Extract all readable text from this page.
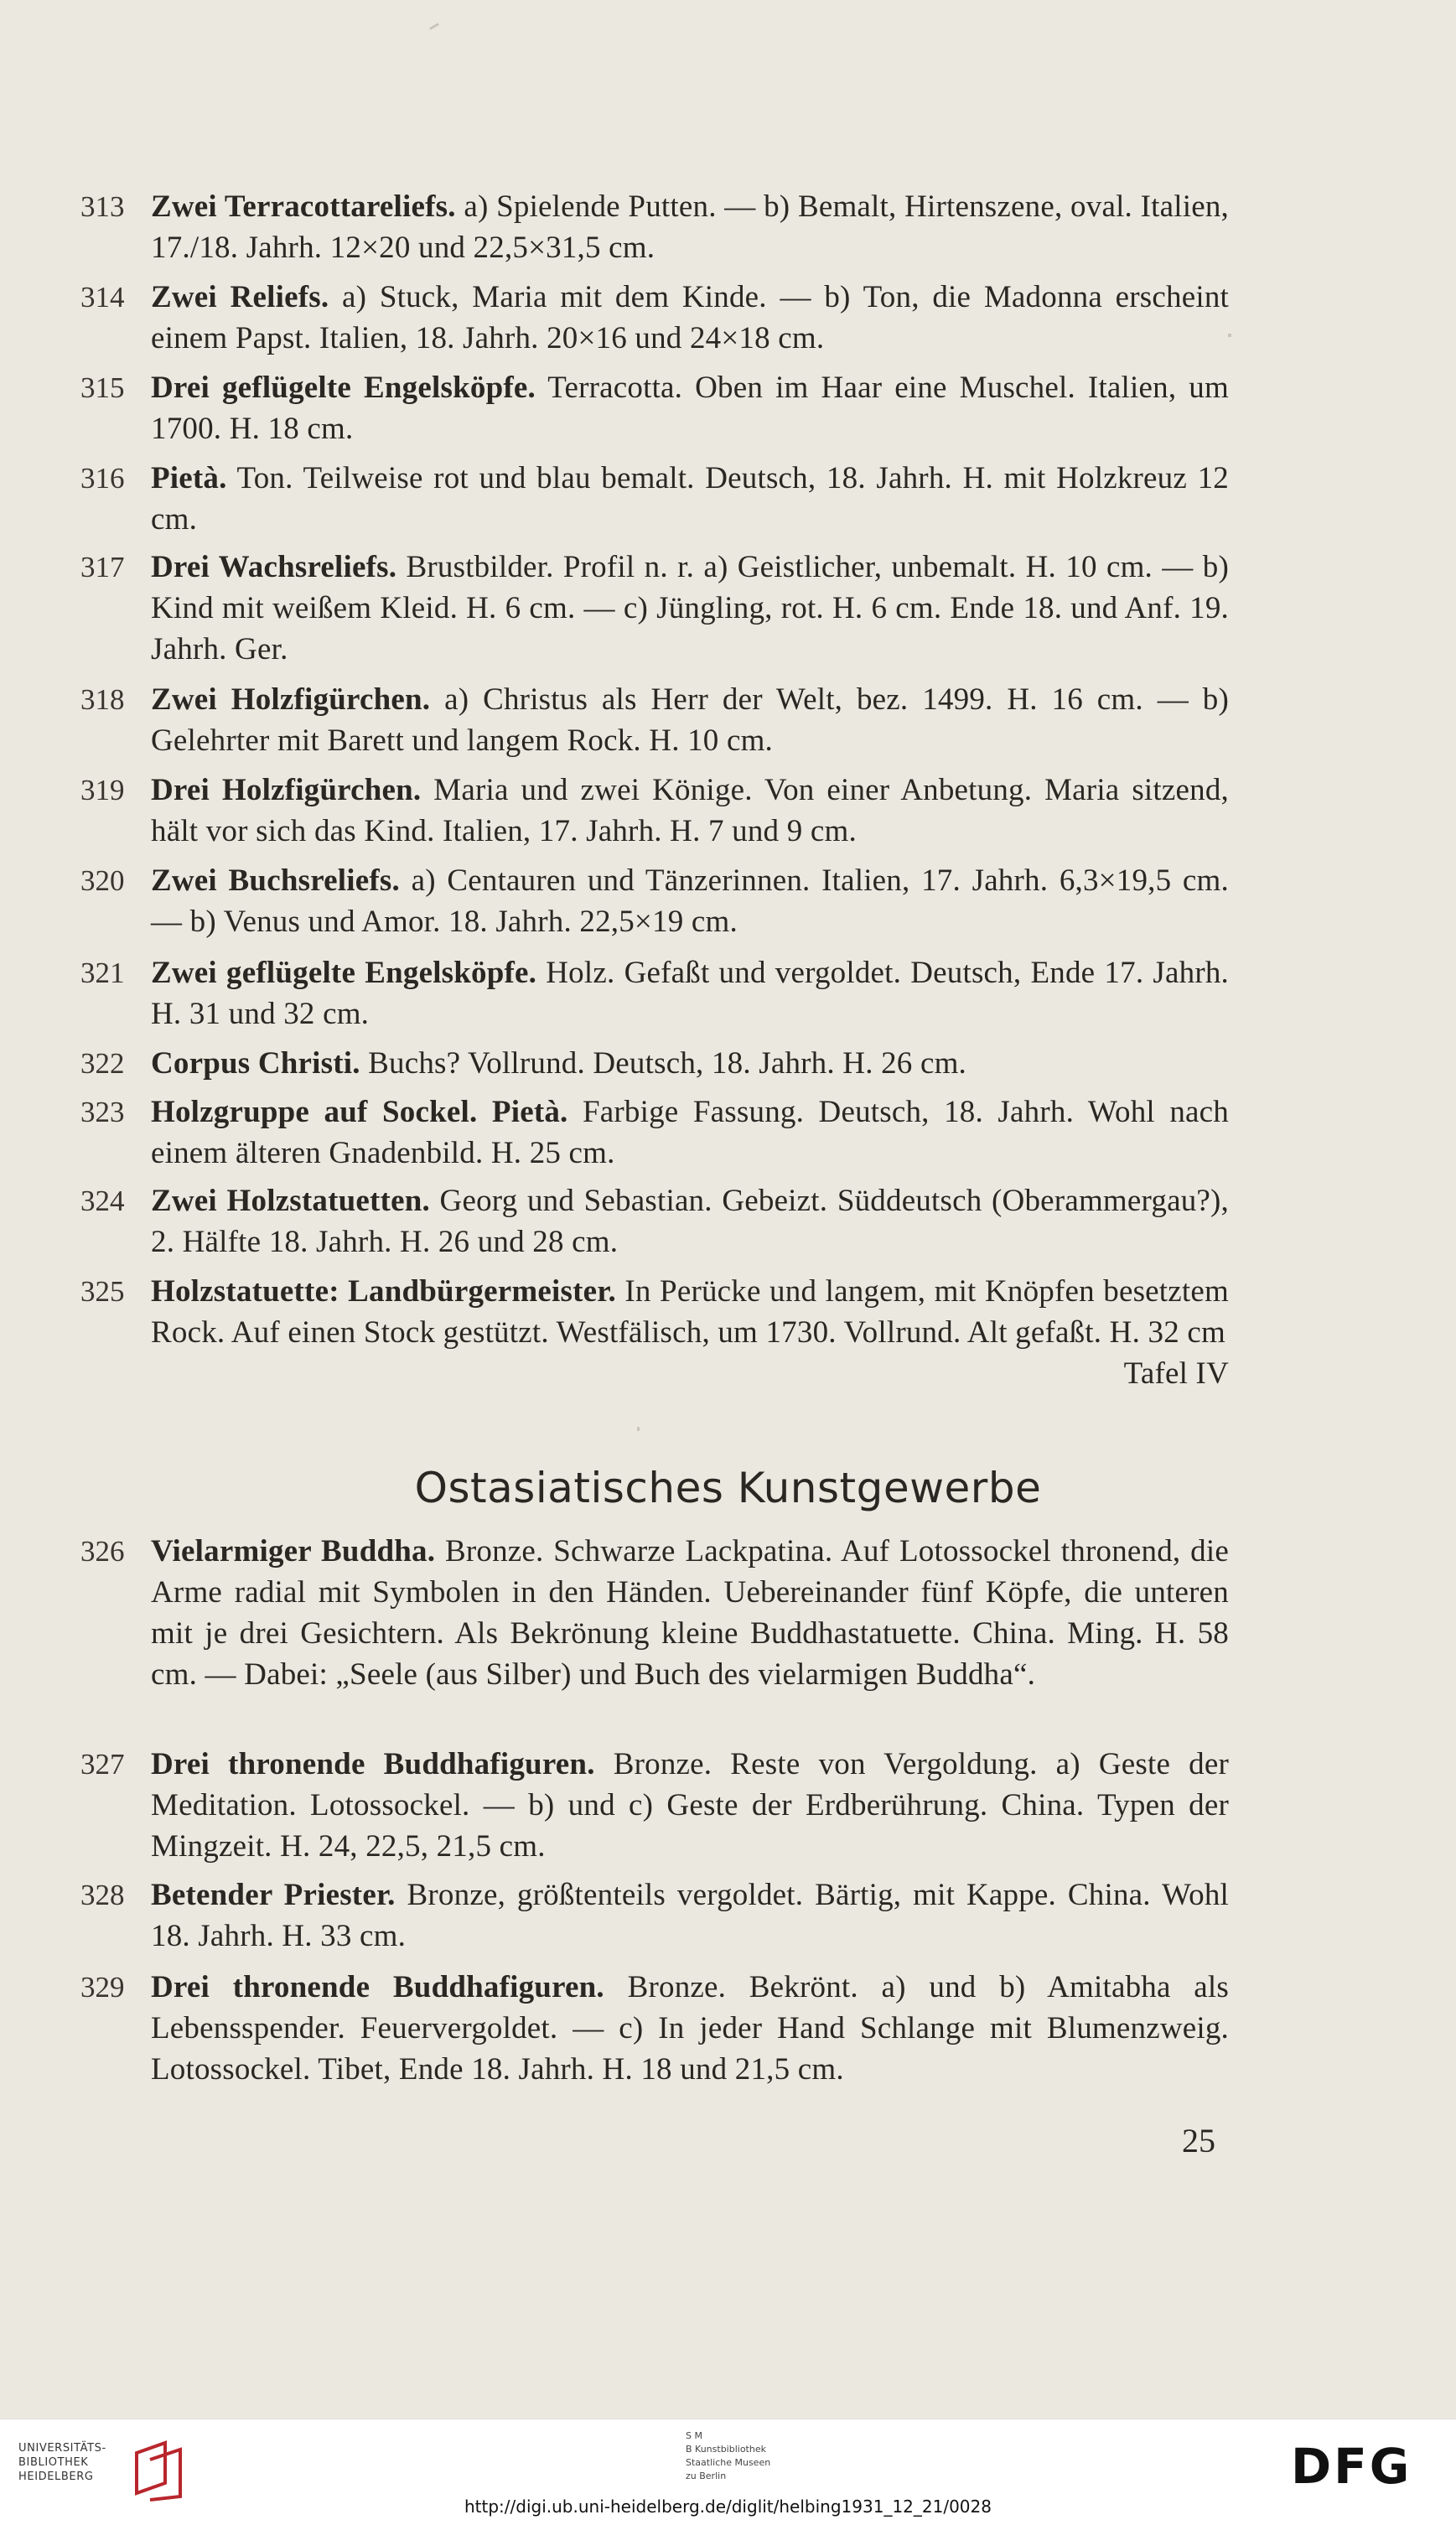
313 Zwei Terracottareliefs. a) Spielende Putten. — b) Bemalt, Hirtenszene, oval. Italien, 17./18. Jahrh. 12×20 und 22,5×31,5 cm.
314 Zwei Reliefs. a) Stuck, Maria mit dem Kinde. — b) Ton, die Madonna erscheint einem Papst. Italien, 18. Jahrh. 20×16 und 24×18 cm.
315 Drei geflügelte Engelsköpfe. Terracotta. Oben im Haar eine Muschel. Italien, um 1700. H. 18 cm.
316 Pietà. Ton. Teilweise rot und blau bemalt. Deutsch, 18. Jahrh. H. mit Holzkreuz 12 cm.
317 Drei Wachsreliefs. Brustbilder. Profil n. r. a) Geistlicher, unbemalt. H. 10 cm. — b) Kind mit weißem Kleid. H. 6 cm. — c) Jüngling, rot. H. 6 cm. Ende 18. und Anf. 19. Jahrh. Ger.
318 Zwei Holzfigürchen. a) Christus als Herr der Welt, bez. 1499. H. 16 cm. — b) Gelehrter mit Barett und langem Rock. H. 10 cm.
319 Drei Holzfigürchen. Maria und zwei Könige. Von einer Anbetung. Maria sitzend, hält vor sich das Kind. Italien, 17. Jahrh. H. 7 und 9 cm.
320 Zwei Buchsreliefs. a) Centauren und Tänzerinnen. Italien, 17. Jahrh. 6,3×19,5 cm. — b) Venus und Amor. 18. Jahrh. 22,5×19 cm.
321 Zwei geflügelte Engelsköpfe. Holz. Gefaßt und vergoldet. Deutsch, Ende 17. Jahrh. H. 31 und 32 cm.
322 Corpus Christi. Buchs? Vollrund. Deutsch, 18. Jahrh. H. 26 cm.
323 Holzgruppe auf Sockel. Pietà. Farbige Fassung. Deutsch, 18. Jahrh. Wohl nach einem älteren Gnadenbild. H. 25 cm.
324 Zwei Holzstatuetten. Georg und Sebastian. Gebeizt. Süddeutsch (Oberammergau?), 2. Hälfte 18. Jahrh. H. 26 und 28 cm.
325 Holzstatuette: Landbürgermeister. In Perücke und langem, mit Knöpfen besetztem Rock. Auf einen Stock gestützt. Westfälisch, um 1730. Vollrund. Alt gefaßt. H. 32 cm
Tafel IV
326 Vielarmiger Buddha. Bronze. Schwarze Lackpatina. Auf Lotossockel thronend, die Arme radial mit Symbolen in den Händen. Uebereinander fünf Köpfe, die unteren mit je drei Gesichtern. Als Bekrönung kleine Buddhastatuette. China. Ming. H. 58 cm. — Dabei: „Seele (aus Silber) und Buch des vielarmigen Buddha“.
327 Drei thronende Buddhafiguren. Bronze. Reste von Vergoldung. a) Geste der Meditation. Lotossockel. — b) und c) Geste der Erdberührung. China. Typen der Mingzeit. H. 24, 22,5, 21,5 cm.
328 Betender Priester. Bronze, größtenteils vergoldet. Bärtig, mit Kappe. China. Wohl 18. Jahrh. H. 33 cm.
329 Drei thronende Buddhafiguren. Bronze. Bekrönt. a) und b) Amitabha als Lebensspender. Feuervergoldet. — c) In jeder Hand Schlange mit Blumenzweig. Lotossockel. Tibet, Ende 18. Jahrh. H. 18 und 21,5 cm.
Ostasiatisches Kunstgewerbe
25
UNIVERSITÄTS-
BIBLIOTHEK
HEIDELBERG
S M
B Kunstbibliothek
Staatliche Museen
zu Berlin	DFG
http://digi.ub.uni-heidelberg.de/diglit/helbing1931_12_21/0028
